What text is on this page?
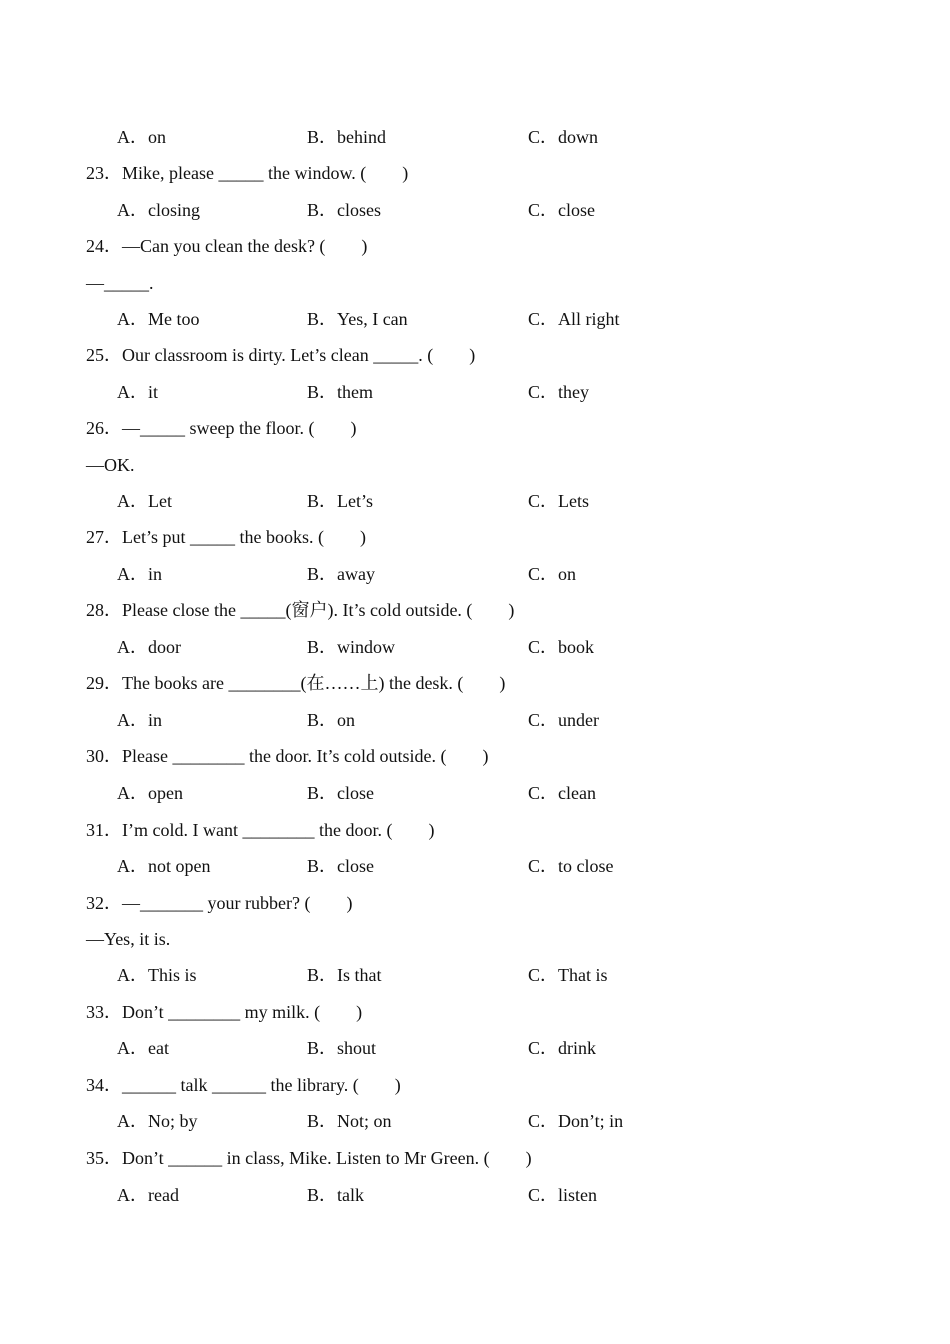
A．on	B．behind	C．down
23．Mike, please _____ the window. (　　)
A．closing	B．closes	C．close
24．—Can you clean the desk? (　　)
—_____.
A．Me too	B．Yes, I can	C．All right
25．Our classroom is dirty. Let’s clean _____. (　　)
A．it	B．them	C．they
26．—_____ sweep the floor. (　　)
—OK.
A．Let	B．Let’s	C．Lets
27．Let’s put _____ the books. (　　)
A．in	B．away	C．on
28．Please close the _____(窗户). It’s cold outside. (　　)
A．door	B．window	C．book
29．The books are ________(在……上) the desk. (　　)
A．in	B．on	C．under
30．Please ________ the door. It’s cold outside. (　　)
A．open	B．close	C．clean
31．I’m cold. I want ________ the door. (　　)
A．not open	B．close	C．to close
32．—_______ your rubber? (　　)
—Yes, it is.
A．This is	B．Is that	C．That is
33．Don’t ________ my milk. (　　)
A．eat	B．shout	C．drink
34．______ talk ______ the library. (　　)
A．No; by	B．Not; on	C．Don’t; in
35．Don’t ______ in class, Mike. Listen to Mr Green. (　　)
A．read	B．talk	C．listen
